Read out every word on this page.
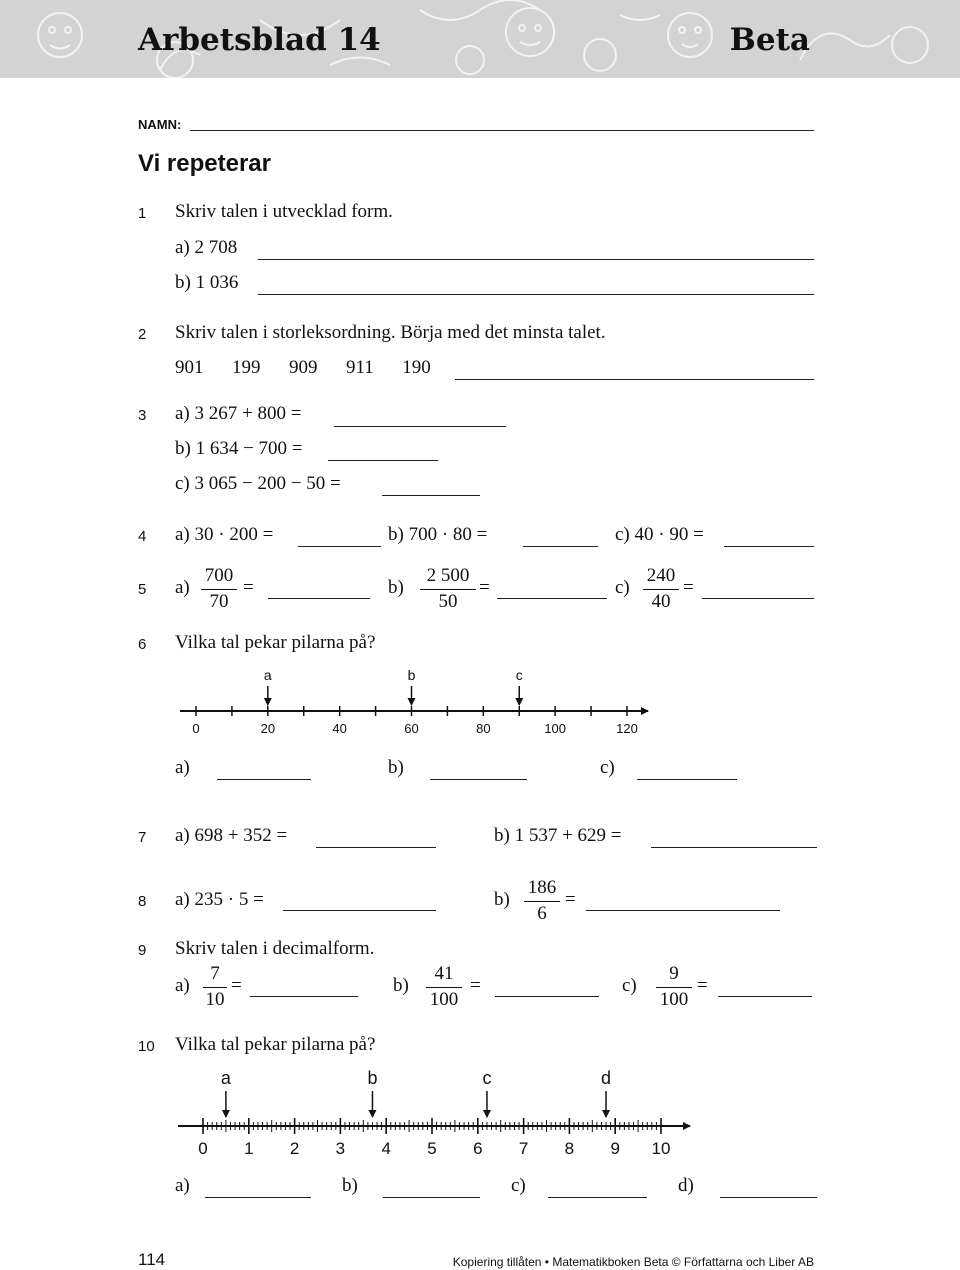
Arbetsblad 14	Beta
NAMN:
Vi repeterar
1 Skriv talen i utvecklad form.
a) 2 708
b) 1 036
2 Skriv talen i storleksordning. Börja med det minsta talet.
901      199      909      911      190
3 a) 3 267 + 800 =
b) 1 634 − 700 =
c) 3 065 − 200 − 50 =
4 a) 30 · 200 =	b) 700 · 80 =	c) 40 · 90 =
5 a)
700
70
=	b)
2 500
50
=	c)
240
40
=
6 Vilka tal pekar pilarna på?
0	20	40	60	80	100	120
a	b	c
a)	b)	c)
7 a) 698 + 352 =	b) 1 537 + 629 =
8 a) 235 · 5 =	b)
186
6
=
9 Skriv talen i decimalform.
a)
7
10
=	b)
41
100
=	c)
9
100
=
10 Vilka tal pekar pilarna på?
0 1 2 3 4 5 6 7 8 9 10
a	b	c	d
a)	b)	c)	d)
114	Kopiering tillåten • Matematikboken Beta © Författarna och Liber AB
